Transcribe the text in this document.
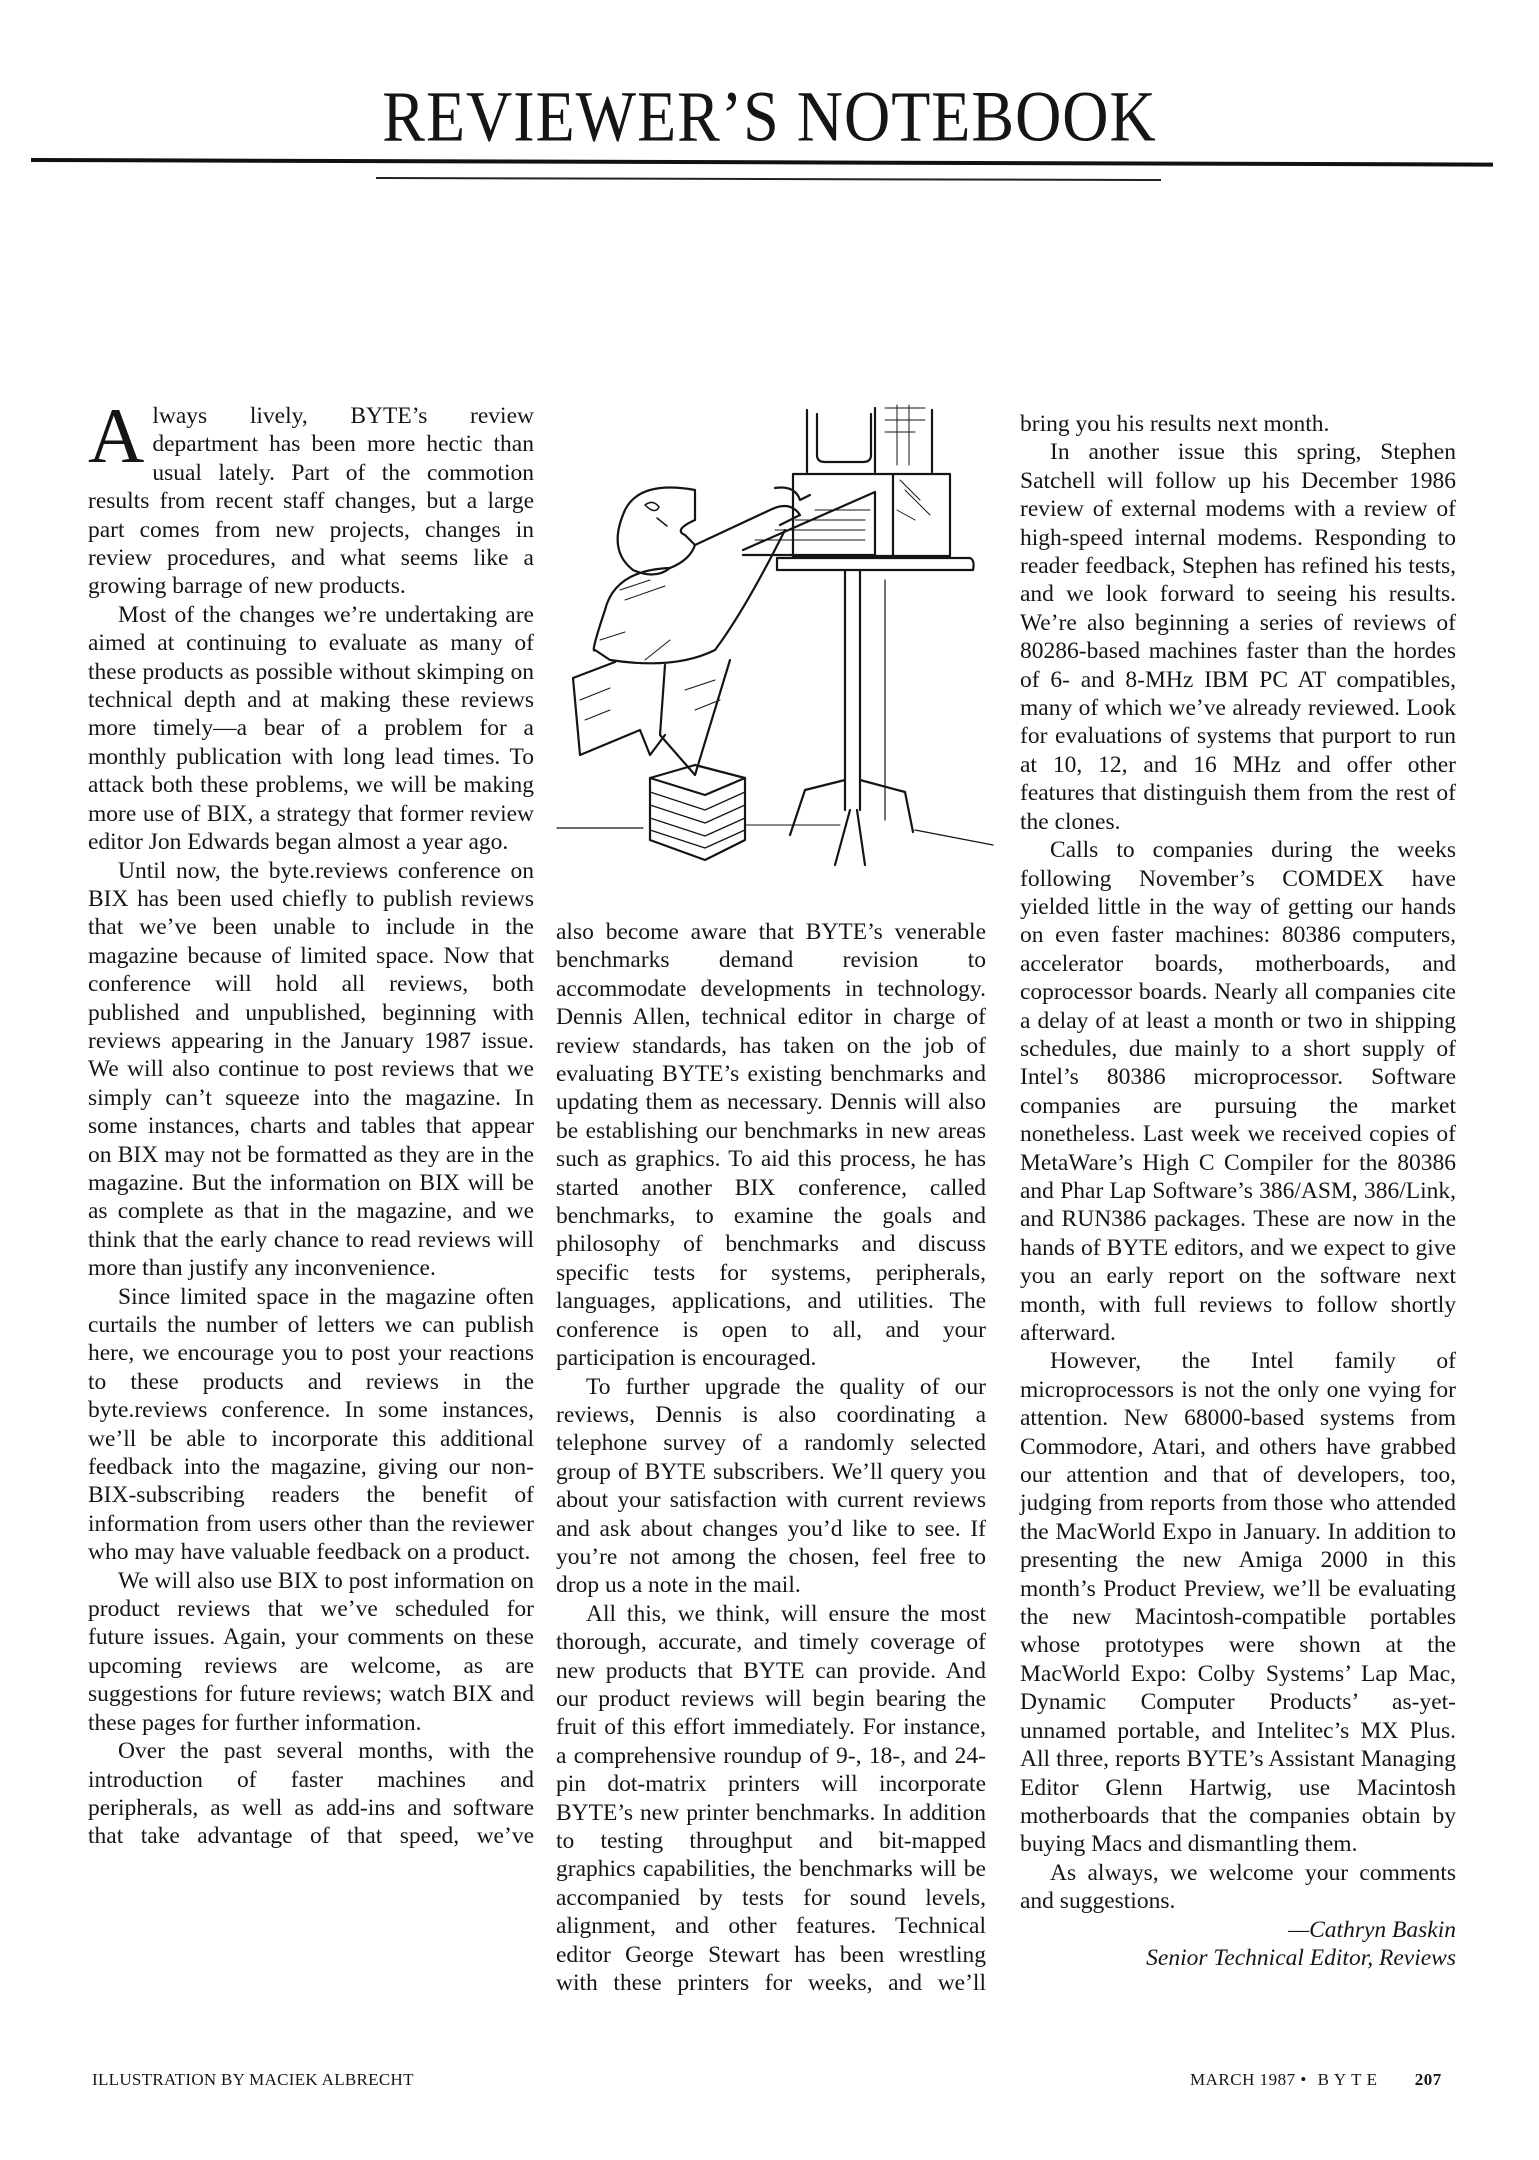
REVIEWER’S NOTEBOOK

Always lively, BYTE’s review department has been more hectic than usual lately. Part of the commotion results from recent staff changes, but a large part comes from new projects, changes in review procedures, and what seems like a growing barrage of new products.

Most of the changes we’re undertaking are aimed at continuing to evaluate as many of these products as possible without skimping on technical depth and at making these reviews more timely—a bear of a problem for a monthly publication with long lead times. To attack both these problems, we will be making more use of BIX, a strategy that former review editor Jon Edwards began almost a year ago.

Until now, the byte.reviews conference on BIX has been used chiefly to publish reviews that we’ve been unable to include in the magazine because of limited space. Now that conference will hold all reviews, both published and unpublished, beginning with reviews appearing in the January 1987 issue. We will also continue to post reviews that we simply can’t squeeze into the magazine. In some instances, charts and tables that appear on BIX may not be formatted as they are in the magazine. But the information on BIX will be as complete as that in the magazine, and we think that the early chance to read reviews will more than justify any inconvenience.

Since limited space in the magazine often curtails the number of letters we can publish here, we encourage you to post your reactions to these products and reviews in the byte.reviews conference. In some instances, we’ll be able to incorporate this additional feedback into the magazine, giving our non-BIX-subscribing readers the benefit of information from users other than the reviewer who may have valuable feedback on a product.

We will also use BIX to post information on product reviews that we’ve scheduled for future issues. Again, your comments on these upcoming reviews are welcome, as are suggestions for future reviews; watch BIX and these pages for further information.

Over the past several months, with the introduction of faster machines and peripherals, as well as add-ins and software that take advantage of that speed, we’ve

also become aware that BYTE’s venerable benchmarks demand revision to accommodate developments in technology. Dennis Allen, technical editor in charge of review standards, has taken on the job of evaluating BYTE’s existing benchmarks and updating them as necessary. Dennis will also be establishing our benchmarks in new areas such as graphics. To aid this process, he has started another BIX conference, called benchmarks, to examine the goals and philosophy of benchmarks and discuss specific tests for systems, peripherals, languages, applications, and utilities. The conference is open to all, and your participation is encouraged.

To further upgrade the quality of our reviews, Dennis is also coordinating a telephone survey of a randomly selected group of BYTE subscribers. We’ll query you about your satisfaction with current reviews and ask about changes you’d like to see. If you’re not among the chosen, feel free to drop us a note in the mail.

All this, we think, will ensure the most thorough, accurate, and timely coverage of new products that BYTE can provide. And our product reviews will begin bearing the fruit of this effort immediately. For instance, a comprehensive roundup of 9-, 18-, and 24-pin dot-matrix printers will incorporate BYTE’s new printer benchmarks. In addition to testing throughput and bit-mapped graphics capabilities, the benchmarks will be accompanied by tests for sound levels, alignment, and other features. Technical editor George Stewart has been wrestling with these printers for weeks, and we’ll

bring you his results next month.

In another issue this spring, Stephen Satchell will follow up his December 1986 review of external modems with a review of high-speed internal modems. Responding to reader feedback, Stephen has refined his tests, and we look forward to seeing his results. We’re also beginning a series of reviews of 80286-based machines faster than the hordes of 6- and 8-MHz IBM PC AT compatibles, many of which we’ve already reviewed. Look for evaluations of systems that purport to run at 10, 12, and 16 MHz and offer other features that distinguish them from the rest of the clones.

Calls to companies during the weeks following November’s COMDEX have yielded little in the way of getting our hands on even faster machines: 80386 computers, accelerator boards, motherboards, and coprocessor boards. Nearly all companies cite a delay of at least a month or two in shipping schedules, due mainly to a short supply of Intel’s 80386 microprocessor. Software companies are pursuing the market nonetheless. Last week we received copies of MetaWare’s High C Compiler for the 80386 and Phar Lap Software’s 386/ASM, 386/Link, and RUN386 packages. These are now in the hands of BYTE editors, and we expect to give you an early report on the software next month, with full reviews to follow shortly afterward.

However, the Intel family of microprocessors is not the only one vying for attention. New 68000-based systems from Commodore, Atari, and others have grabbed our attention and that of developers, too, judging from reports from those who attended the MacWorld Expo in January. In addition to presenting the new Amiga 2000 in this month’s Product Preview, we’ll be evaluating the new Macintosh-compatible portables whose prototypes were shown at the MacWorld Expo: Colby Systems’ Lap Mac, Dynamic Computer Products’ as-yet-unnamed portable, and Intelitec’s MX Plus. All three, reports BYTE’s Assistant Managing Editor Glenn Hartwig, use Macintosh motherboards that the companies obtain by buying Macs and dismantling them.

As always, we welcome your comments and suggestions.

—Cathryn Baskin

Senior Technical Editor, Reviews

ILLUSTRATION BY MACIEK ALBRECHT	MARCH 1987 • BYTE 207
